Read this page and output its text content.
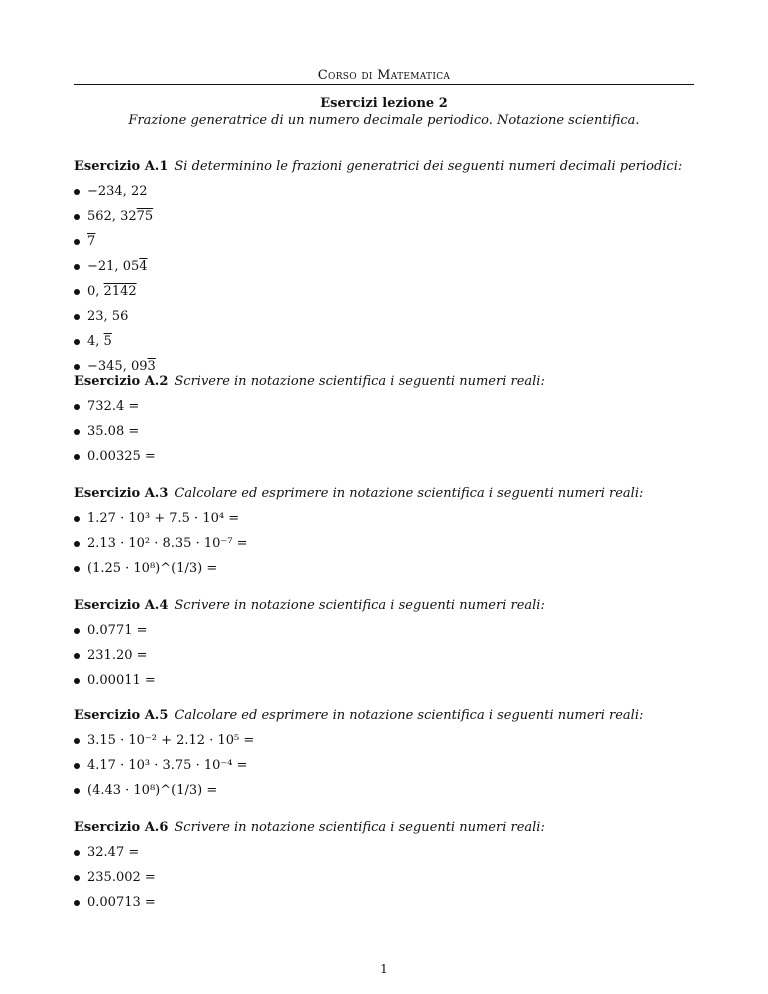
Corso di Matematica
Esercizi lezione 2
Frazione generatrice di un numero decimale periodico. Notazione scientifica.
Esercizio A.1 Si determinino le frazioni generatrici dei seguenti numeri decimali periodici:
−234, 22
562, 32 75
7
−21, 05 4
0, 2142
23, 56
4, 5
−345, 09 3
Esercizio A.2 Scrivere in notazione scientifica i seguenti numeri reali:
732.4 =
35.08 =
0.00325 =
Esercizio A.3 Calcolare ed esprimere in notazione scientifica i seguenti numeri reali:
1.27 · 10³ + 7.5 · 10⁴ =
2.13 · 10² · 8.35 · 10⁻⁷ =
(1.25 · 10⁸)^(1/3) =
Esercizio A.4 Scrivere in notazione scientifica i seguenti numeri reali:
0.0771 =
231.20 =
0.00011 =
Esercizio A.5 Calcolare ed esprimere in notazione scientifica i seguenti numeri reali:
3.15 · 10⁻² + 2.12 · 10⁵ =
4.17 · 10³ · 3.75 · 10⁻⁴ =
(4.43 · 10⁸)^(1/3) =
Esercizio A.6 Scrivere in notazione scientifica i seguenti numeri reali:
32.47 =
235.002 =
0.00713 =
1
